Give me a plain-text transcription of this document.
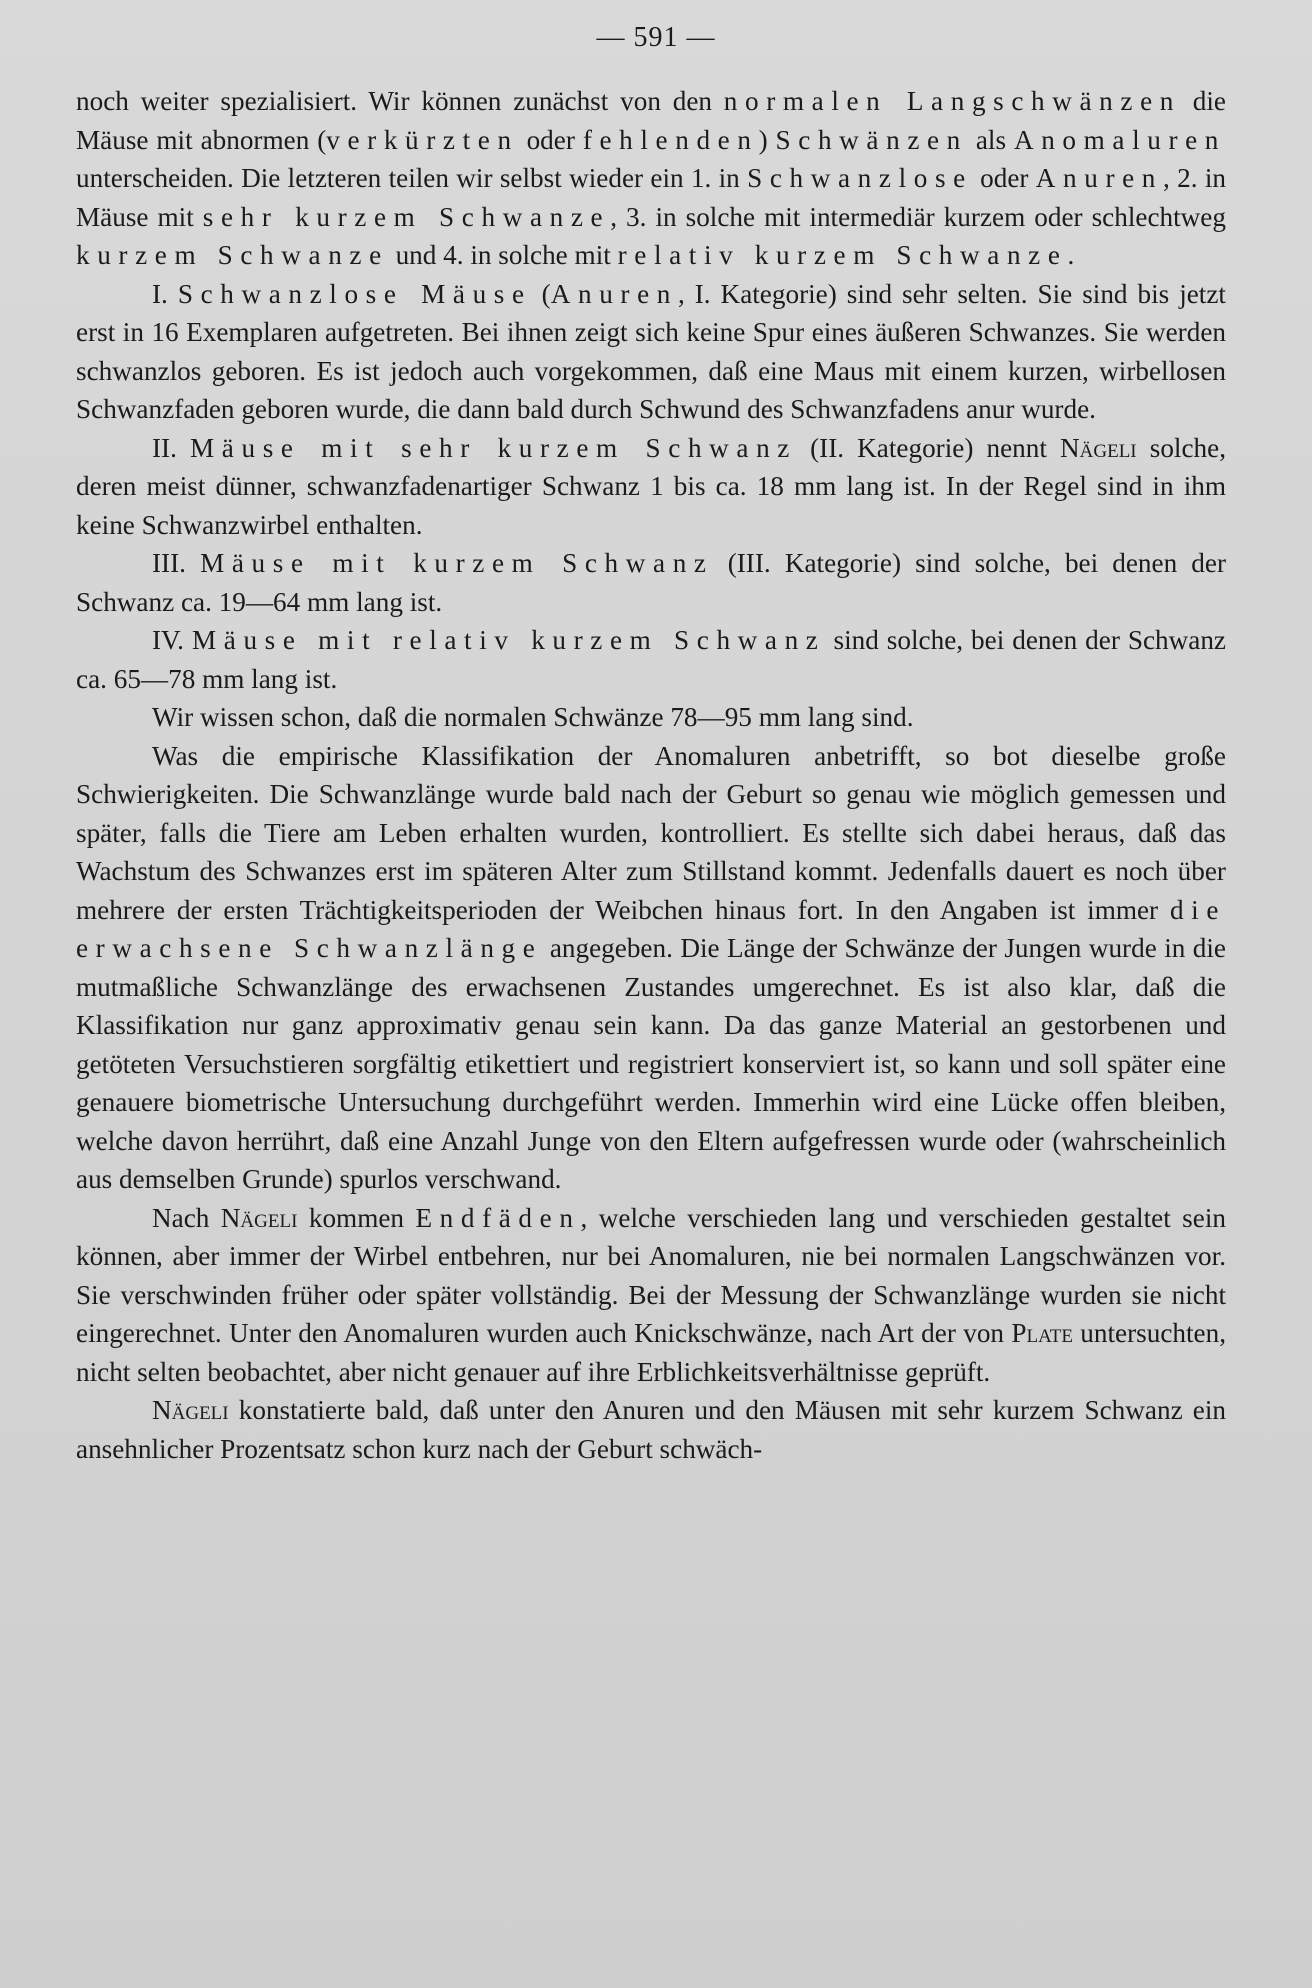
— 591 —

noch weiter spezialisiert. Wir können zunächst von den normalen Langschwänzen die Mäuse mit abnormen (verkürzten oder fehlenden) Schwänzen als Anomaluren unterscheiden. Die letzteren teilen wir selbst wieder ein 1. in Schwanzlose oder Anuren, 2. in Mäuse mit sehr kurzem Schwanze, 3. in solche mit intermediär kurzem oder schlechtweg kurzem Schwanze und 4. in solche mit relativ kurzem Schwanze.

I. Schwanzlose Mäuse (Anuren, I. Kategorie) sind sehr selten. Sie sind bis jetzt erst in 16 Exemplaren aufgetreten. Bei ihnen zeigt sich keine Spur eines äußeren Schwanzes. Sie werden schwanzlos geboren. Es ist jedoch auch vorgekommen, daß eine Maus mit einem kurzen, wirbellosen Schwanzfaden geboren wurde, die dann bald durch Schwund des Schwanzfadens anur wurde.

II. Mäuse mit sehr kurzem Schwanz (II. Kategorie) nennt Nägeli solche, deren meist dünner, schwanzfadenartiger Schwanz 1 bis ca. 18 mm lang ist. In der Regel sind in ihm keine Schwanzwirbel enthalten.

III. Mäuse mit kurzem Schwanz (III. Kategorie) sind solche, bei denen der Schwanz ca. 19—64 mm lang ist.

IV. Mäuse mit relativ kurzem Schwanz sind solche, bei denen der Schwanz ca. 65—78 mm lang ist.

Wir wissen schon, daß die normalen Schwänze 78—95 mm lang sind.

Was die empirische Klassifikation der Anomaluren anbetrifft, so bot dieselbe große Schwierigkeiten. Die Schwanzlänge wurde bald nach der Geburt so genau wie möglich gemessen und später, falls die Tiere am Leben erhalten wurden, kontrolliert. Es stellte sich dabei heraus, daß das Wachstum des Schwanzes erst im späteren Alter zum Stillstand kommt. Jedenfalls dauert es noch über mehrere der ersten Trächtigkeitsperioden der Weibchen hinaus fort. In den Angaben ist immer die erwachsene Schwanzlänge angegeben. Die Länge der Schwänze der Jungen wurde in die mutmaßliche Schwanzlänge des erwachsenen Zustandes umgerechnet. Es ist also klar, daß die Klassifikation nur ganz approximativ genau sein kann. Da das ganze Material an gestorbenen und getöteten Versuchstieren sorgfältig etikettiert und registriert konserviert ist, so kann und soll später eine genauere biometrische Untersuchung durchgeführt werden. Immerhin wird eine Lücke offen bleiben, welche davon herrührt, daß eine Anzahl Junge von den Eltern aufgefressen wurde oder (wahrscheinlich aus demselben Grunde) spurlos verschwand.

Nach Nägeli kommen Endfäden, welche verschieden lang und verschieden gestaltet sein können, aber immer der Wirbel entbehren, nur bei Anomaluren, nie bei normalen Langschwänzen vor. Sie verschwinden früher oder später vollständig. Bei der Messung der Schwanzlänge wurden sie nicht eingerechnet. Unter den Anomaluren wurden auch Knickschwänze, nach Art der von Plate untersuchten, nicht selten beobachtet, aber nicht genauer auf ihre Erblichkeitsverhältnisse geprüft.

Nägeli konstatierte bald, daß unter den Anuren und den Mäusen mit sehr kurzem Schwanz ein ansehnlicher Prozentsatz schon kurz nach der Geburt schwäch-
